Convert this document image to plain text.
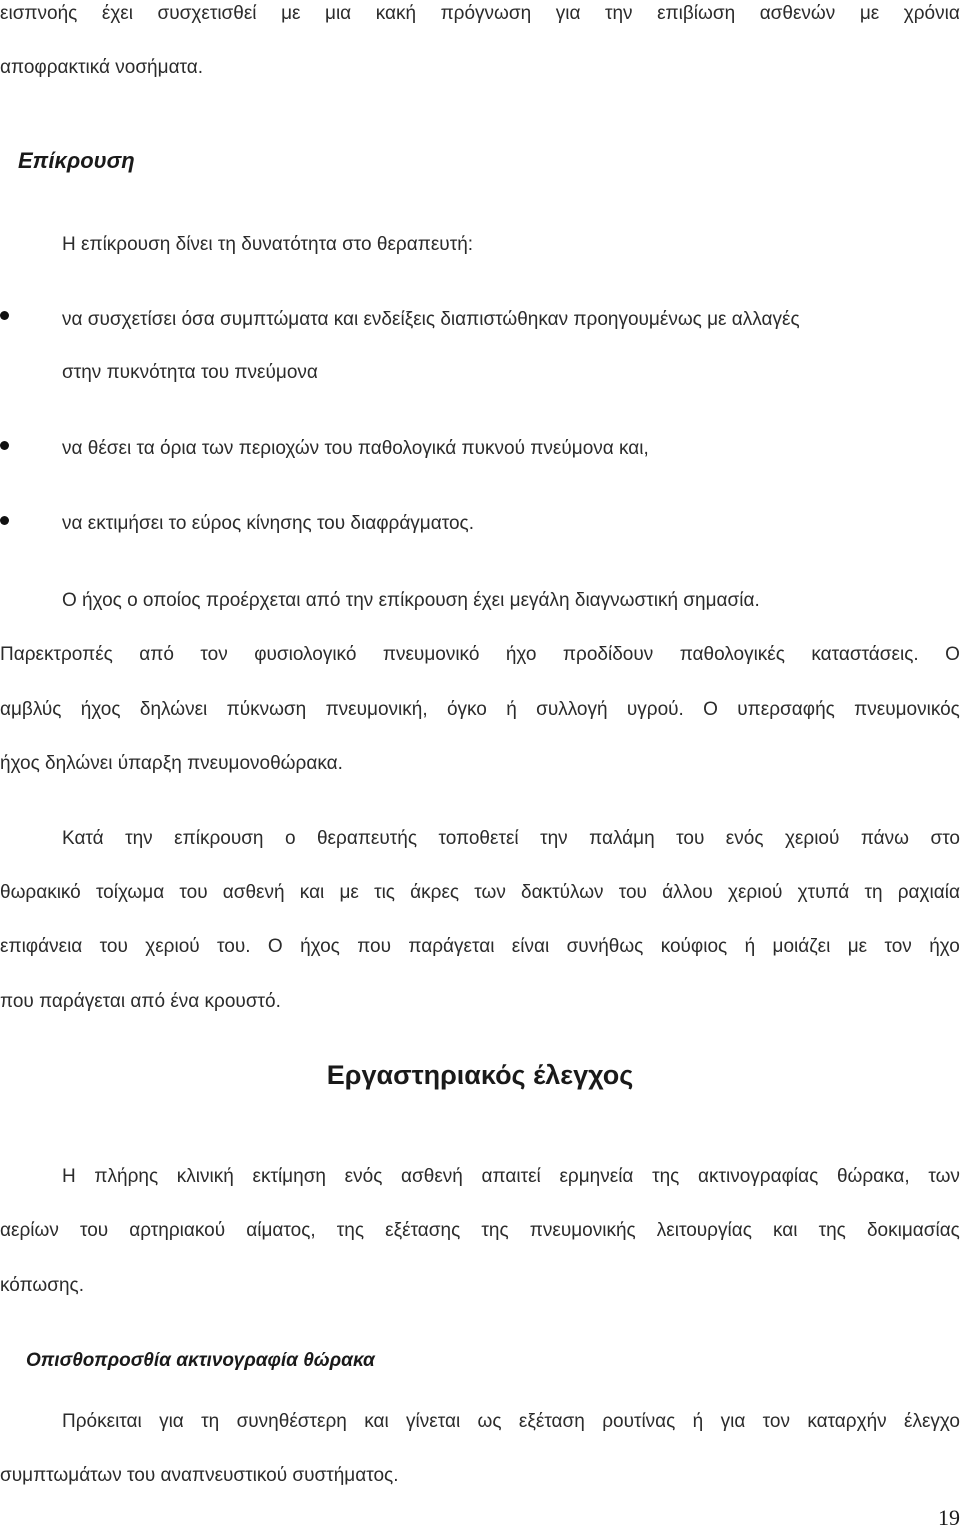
εισπνοής έχει συσχετισθεί με μια κακή πρόγνωση για την επιβίωση ασθενών με χρόνια
αποφρακτικά νοσήματα.
Επίκρουση
Η επίκρουση δίνει τη δυνατότητα στο θεραπευτή:
να συσχετίσει όσα συμπτώματα και ενδείξεις διαπιστώθηκαν προηγουμένως με αλλαγές
στην πυκνότητα του πνεύμονα
να θέσει τα όρια των περιοχών του παθολογικά πυκνού πνεύμονα και,
να εκτιμήσει το εύρος κίνησης του διαφράγματος.
Ο ήχος ο οποίος προέρχεται από την επίκρουση έχει μεγάλη διαγνωστική σημασία.
Παρεκτροπές από τον φυσιολογικό πνευμονικό ήχο προδίδουν παθολογικές καταστάσεις. Ο
αμβλύς ήχος δηλώνει πύκνωση πνευμονική, όγκο ή συλλογή υγρού. Ο υπερσαφής πνευμονικός
ήχος δηλώνει ύπαρξη πνευμονοθώρακα.
Κατά την επίκρουση ο θεραπευτής τοποθετεί την παλάμη του ενός χεριού πάνω στο
θωρακικό τοίχωμα του ασθενή και με τις άκρες των δακτύλων του άλλου χεριού χτυπά τη ραχιαία
επιφάνεια του χεριού του. Ο ήχος που παράγεται είναι συνήθως κούφιος ή μοιάζει με τον ήχο
που παράγεται από ένα κρουστό.
Εργαστηριακός έλεγχος
Η πλήρης κλινική εκτίμηση ενός ασθενή απαιτεί ερμηνεία της ακτινογραφίας θώρακα, των
αερίων του αρτηριακού αίματος, της εξέτασης της πνευμονικής λειτουργίας και της δοκιμασίας
κόπωσης.
Οπισθοπροσθία ακτινογραφία θώρακα
Πρόκειται για τη συνηθέστερη και γίνεται ως εξέταση ρουτίνας ή για τον καταρχήν έλεγχο
συμπτωμάτων του αναπνευστικού συστήματος.
19
